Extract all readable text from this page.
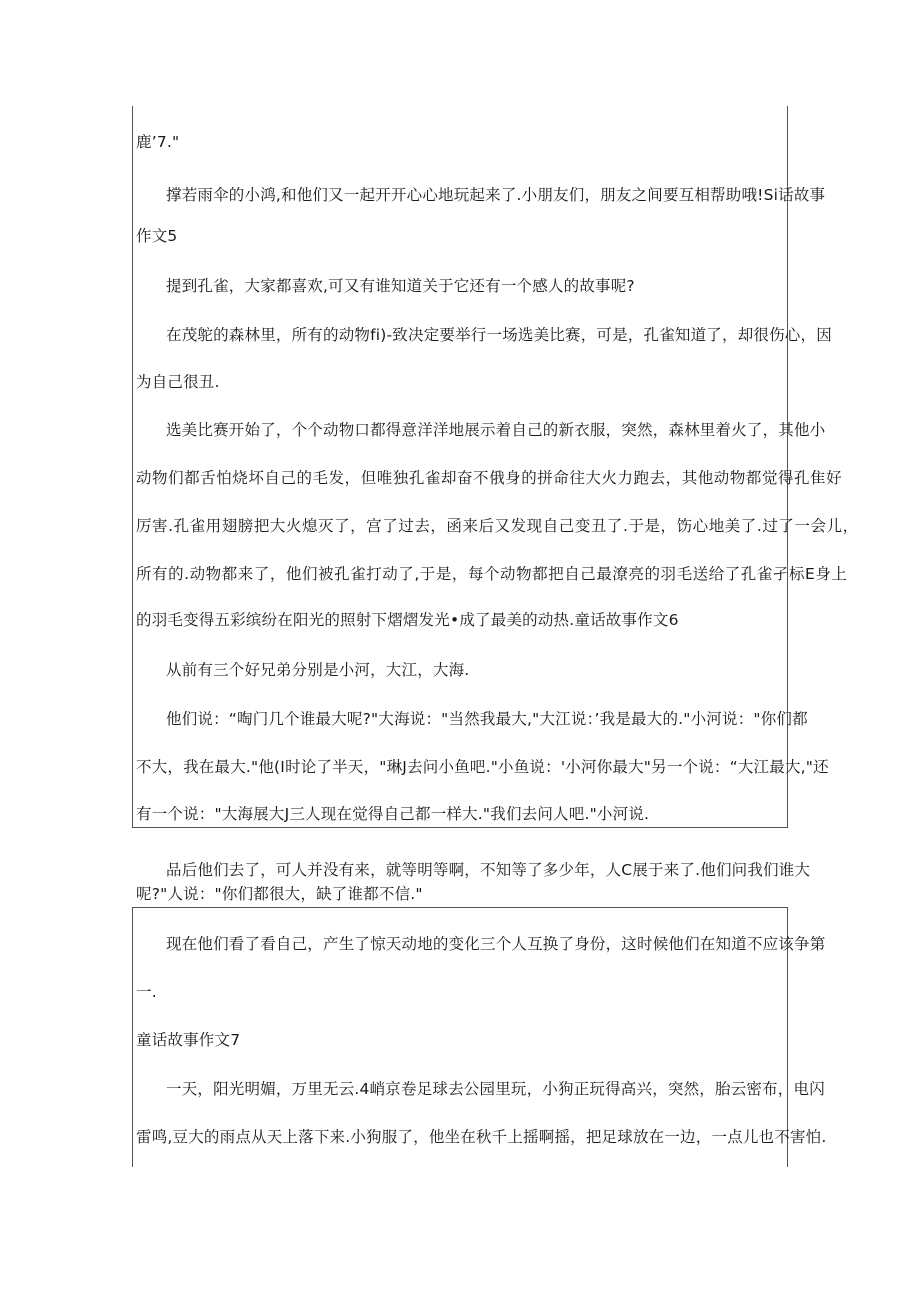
鹿’7."
撑若雨伞的小鸿,和他们又一起开开心心地玩起来了.小朋友们，朋友之间要互相帮助哦!Si话故事
作文5
提到孔雀，大家都喜欢,可又有谁知道关于它还有一个感人的故事呢?
在茂鸵的森林里，所有的动物fi)-致决定要举行一场选美比赛，可是，孔雀知道了，却很伤心，因
为自己很丑.
选美比赛开始了，个个动物口都得意洋洋地展示着自己的新衣服，突然，森林里着火了，其他小
动物们都舌怕烧坏自己的毛发，但唯独孔雀却奋不俄身的拼命往大火力跑去，其他动物都觉得孔隹好
厉害.孔雀用翅膀把大火熄灭了，宫了过去，函来后又发现自己变丑了.于是，饬心地美了.过了一会儿，
所有的.动物都来了，他们被孔雀打动了,于是，每个动物都把自己最潦亮的羽毛送给了孔雀孑标E身上
的羽毛变得五彩缤纷在阳光的照射下熠熠发光•成了最美的动热.童话故事作文6
从前有三个好兄弟分别是小河，大江，大海.
他们说：“啕门几个谁最大呢?"大海说："当然我最大,"大江说：’我是最大的."小河说："你们都
不大，我在最大."他(I时论了半天，"琳J去问小鱼吧."小鱼说：'小河你最大"另一个说：“大江最大,"还
有一个说："大海展大J三人现在觉得自己都一样大."我们去问人吧."小河说.
品后他们去了，可人并没有来，就等明等啊，不知等了多少年，人C展于来了.他们问我们谁大
呢?"人说："你们都很大，缺了谁都不信."
现在他们看了看自己，产生了惊天动地的变化三个人互换了身份，这时候他们在知道不应该争第
一.
童话故事作文7
一天，阳光明媚，万里无云.4峭京卷足球去公园里玩，小狗正玩得高兴，突然，胎云密布，电闪
雷鸣,豆大的雨点从天上落下来.小狗服了，他坐在秋千上摇啊摇，把足球放在一边，一点儿也不害怕.
